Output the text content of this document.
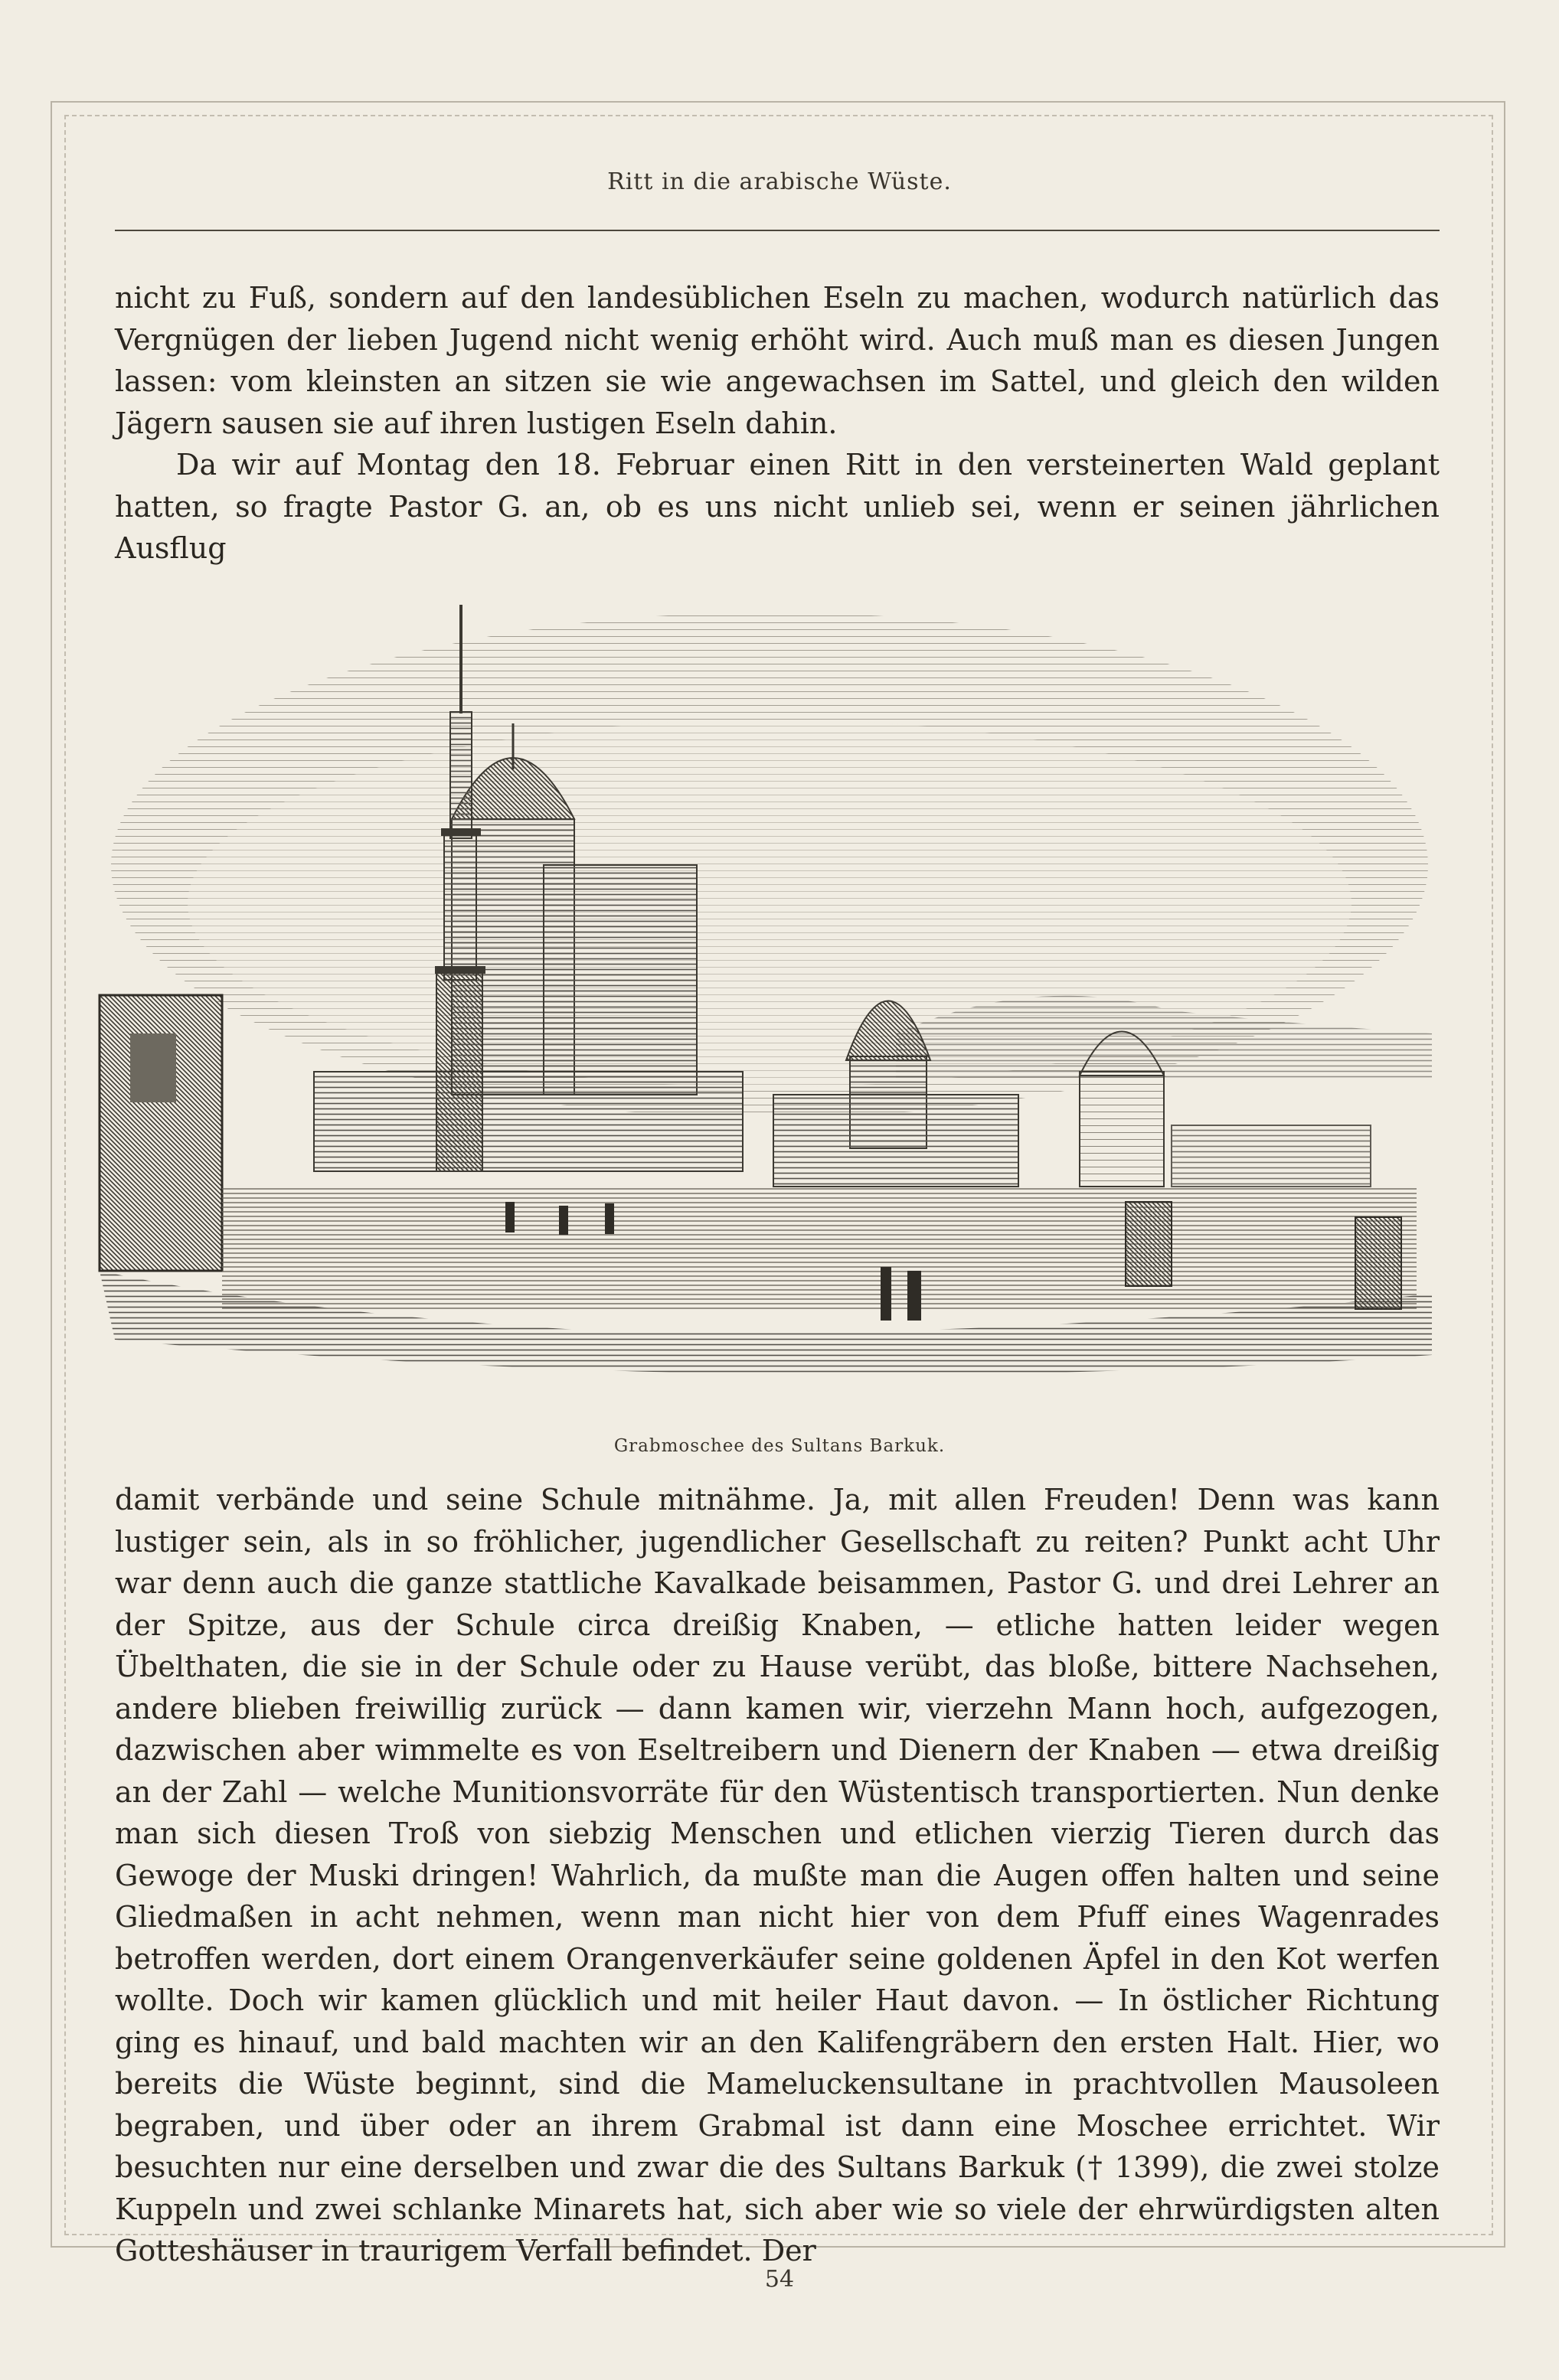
Ritt in die arabische Wüste.

nicht zu Fuß, sondern auf den landesüblichen Eseln zu machen, wodurch natürlich das Vergnügen der lieben Jugend nicht wenig erhöht wird. Auch muß man es diesen Jungen lassen: vom kleinsten an sitzen sie wie angewachsen im Sattel, und gleich den wilden Jägern sausen sie auf ihren lustigen Eseln dahin.

Da wir auf Montag den 18. Februar einen Ritt in den versteinerten Wald geplant hatten, so fragte Pastor G. an, ob es uns nicht unlieb sei, wenn er seinen jährlichen Ausflug

Grabmoschee des Sultans Barkuk.

damit verbände und seine Schule mitnähme. Ja, mit allen Freuden! Denn was kann lustiger sein, als in so fröhlicher, jugendlicher Gesellschaft zu reiten? Punkt acht Uhr war denn auch die ganze stattliche Kavalkade beisammen, Pastor G. und drei Lehrer an der Spitze, aus der Schule circa dreißig Knaben, — etliche hatten leider wegen Übelthaten, die sie in der Schule oder zu Hause verübt, das bloße, bittere Nachsehen, andere blieben freiwillig zurück — dann kamen wir, vierzehn Mann hoch, aufgezogen, dazwischen aber wimmelte es von Eseltreibern und Dienern der Knaben — etwa dreißig an der Zahl — welche Munitionsvorräte für den Wüstentisch transportierten. Nun denke man sich diesen Troß von siebzig Menschen und etlichen vierzig Tieren durch das Gewoge der Muski dringen! Wahrlich, da mußte man die Augen offen halten und seine Gliedmaßen in acht nehmen, wenn man nicht hier von dem Pfuff eines Wagenrades betroffen werden, dort einem Orangenverkäufer seine goldenen Äpfel in den Kot werfen wollte. Doch wir kamen glücklich und mit heiler Haut davon. — In östlicher Richtung ging es hinauf, und bald machten wir an den Kalifengräbern den ersten Halt. Hier, wo bereits die Wüste beginnt, sind die Mameluckensultane in prachtvollen Mausoleen begraben, und über oder an ihrem Grabmal ist dann eine Moschee errichtet. Wir besuchten nur eine derselben und zwar die des Sultans Barkuk († 1399), die zwei stolze Kuppeln und zwei schlanke Minarets hat, sich aber wie so viele der ehrwürdigsten alten Gotteshäuser in traurigem Verfall befindet. Der

54
